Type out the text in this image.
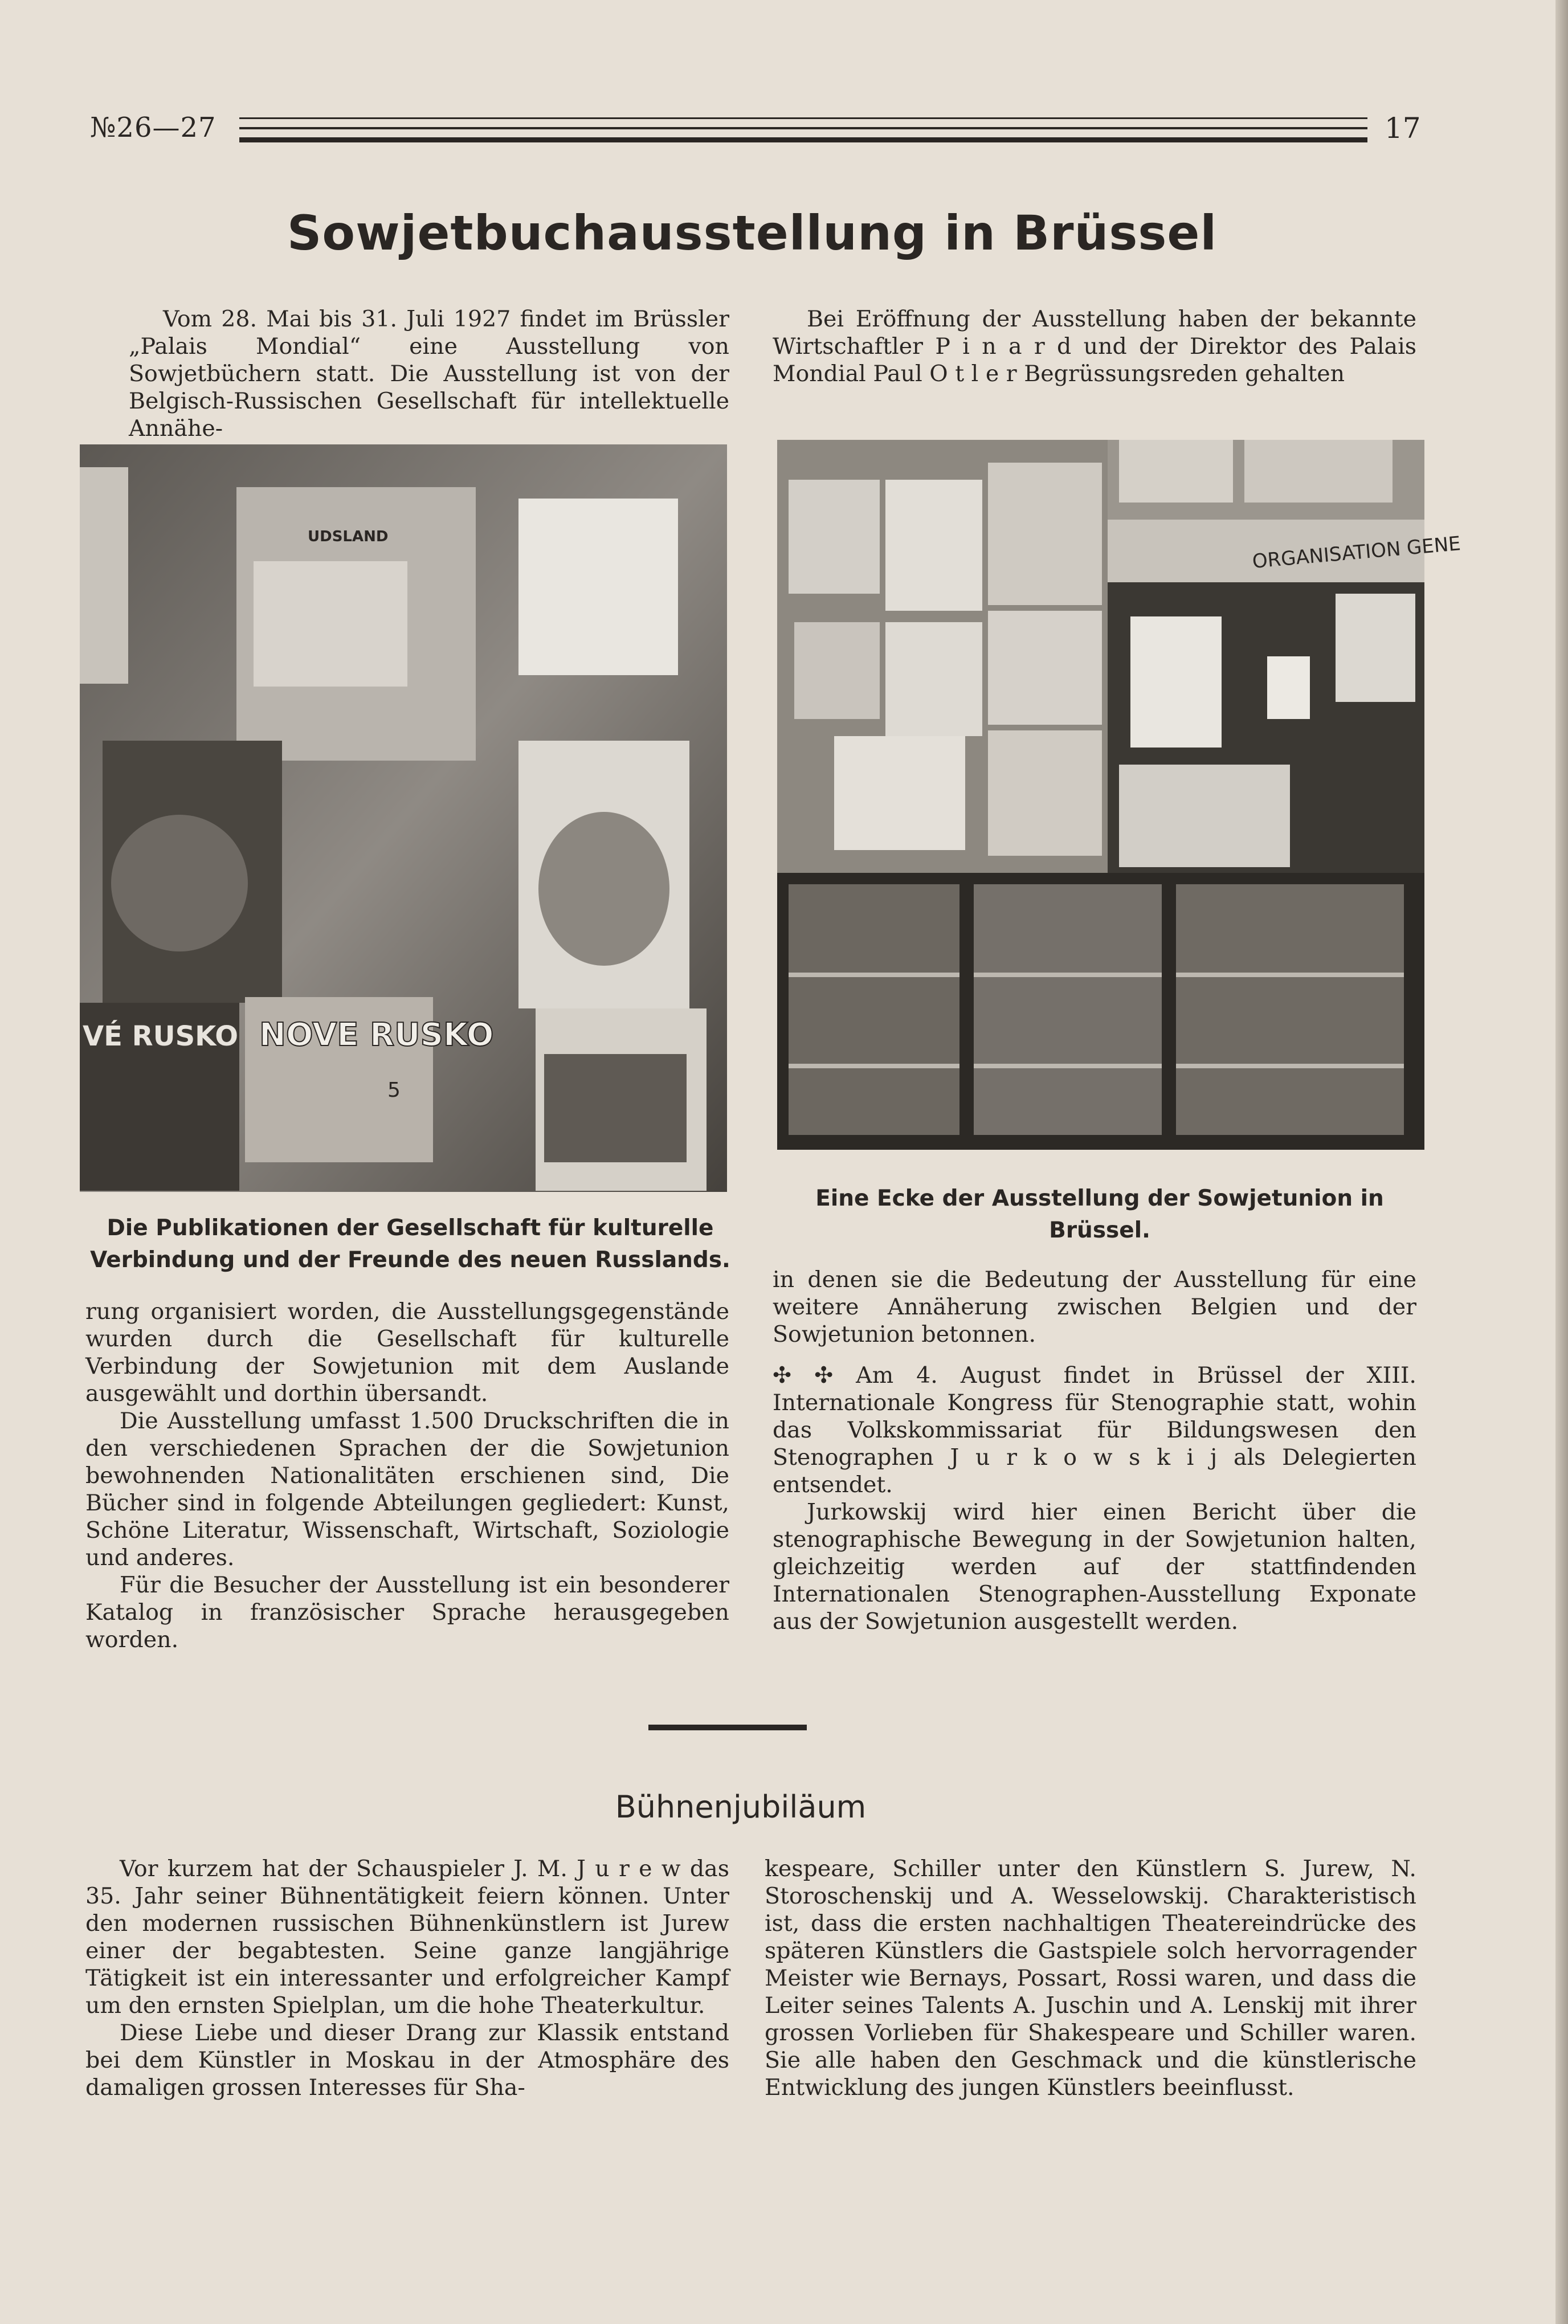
№26—27	17
Sowjetbuchausstellung in Brüssel

Vom 28. Mai bis 31. Juli 1927 findet im Brüssler „Palais Mondial“ eine Ausstellung von Sowjetbüchern statt. Die Ausstellung ist von der Belgisch-Russischen Gesellschaft für intellektuelle Annähe-

Bei Eröffnung der Ausstellung haben der bekannte Wirtschaftler P i n a r d und der Direktor des Palais Mondial Paul O t l e r Begrüssungsreden gehalten

UDSLAND
NOVE RUSKO
5
VÉ RUSKO
ORGANISATION GENE
Die Publikationen der Gesellschaft für kulturelle Verbindung und der Freunde des neuen Russlands.
Eine Ecke der Ausstellung der Sowjetunion in Brüssel.

rung organisiert worden, die Ausstellungsgegenstände wurden durch die Gesellschaft für kulturelle Verbindung der Sowjetunion mit dem Auslande ausgewählt und dorthin übersandt.

Die Ausstellung umfasst 1.500 Druckschriften die in den verschiedenen Sprachen der die Sowjetunion bewohnenden Nationalitäten erschienen sind, Die Bücher sind in folgende Abteilungen gegliedert: Kunst, Schöne Literatur, Wissenschaft, Wirtschaft, Soziologie und anderes.

Für die Besucher der Ausstellung ist ein besonderer Katalog in französischer Sprache herausgegeben worden.

in denen sie die Bedeutung der Ausstellung für eine weitere Annäherung zwischen Belgien und der Sowjetunion betonnen.

✣ ✣ Am 4. August findet in Brüssel der XIII. Internationale Kongress für Stenographie statt, wohin das Volkskommissariat für Bildungswesen den Stenographen J u r k o w s k i j als Delegierten entsendet.

Jurkowskij wird hier einen Bericht über die stenographische Bewegung in der Sowjetunion halten, gleichzeitig werden auf der stattfindenden Internationalen Stenographen-Ausstellung Exponate aus der Sowjetunion ausgestellt werden.

Bühnenjubiläum

Vor kurzem hat der Schauspieler J. M. J u r e w das 35. Jahr seiner Bühnentätigkeit feiern können. Unter den modernen russischen Bühnenkünstlern ist Jurew einer der begabtesten. Seine ganze langjährige Tätigkeit ist ein interessanter und erfolgreicher Kampf um den ernsten Spielplan, um die hohe Theaterkultur.

Diese Liebe und dieser Drang zur Klassik entstand bei dem Künstler in Moskau in der Atmosphäre des damaligen grossen Interesses für Sha-

kespeare, Schiller unter den Künstlern S. Jurew, N. Storoschenskij und A. Wesselowskij. Charakteristisch ist, dass die ersten nachhaltigen Theatereindrücke des späteren Künstlers die Gastspiele solch hervorragender Meister wie Bernays, Possart, Rossi waren, und dass die Leiter seines Talents A. Juschin und A. Lenskij mit ihrer grossen Vorlieben für Shakespeare und Schiller waren. Sie alle haben den Geschmack und die künstlerische Entwicklung des jungen Künstlers beeinflusst.
